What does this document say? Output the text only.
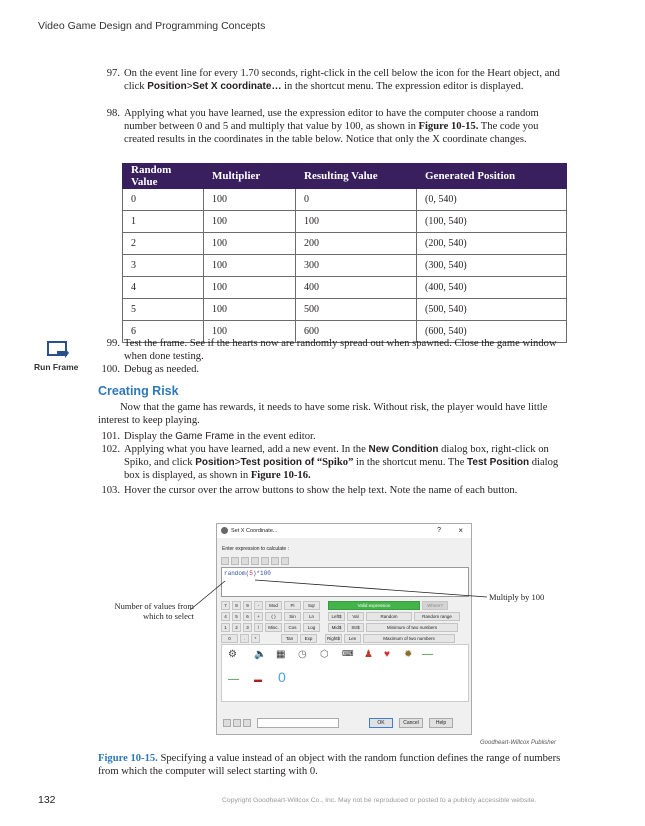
Video Game Design and Programming Concepts
97. On the event line for every 1.70 seconds, right-click in the cell below the icon for the Heart object, and click Position>Set X coordinate… in the shortcut menu. The expression editor is displayed.
98. Applying what you have learned, use the expression editor to have the computer choose a random number between 0 and 5 and multiply that value by 100, as shown in Figure 10-15. The code you created results in the coordinates in the table below. Notice that only the X coordinate changes.
Random Value	Multiplier	Resulting Value	Generated Position
0	100	0	(0, 540)
1	100	100	(100, 540)
2	100	200	(200, 540)
3	100	300	(300, 540)
4	100	400	(400, 540)
5	100	500	(500, 540)
6	100	600	(600, 540)
Run Frame
99. Test the frame. See if the hearts now are randomly spread out when spawned. Close the game window when done testing.
100. Debug as needed.
Creating Risk
Now that the game has rewards, it needs to have some risk. Without risk, the player would have little interest to keep playing.
101. Display the Game Frame in the event editor.
102. Applying what you have learned, add a new event. In the New Condition dialog box, right-click on Spiko, and click Position>Test position of “Spiko” in the shortcut menu. The Test Position dialog box is displayed, as shown in Figure 10-16.
103. Hover the cursor over the arrow buttons to show the help text. Note the name of each button.
Set X Coordinate...	? ×
Enter expression to calculate :
random(5)*100
7	8	9	-	Mod	Pi	Sqr	Valid expression	Where?
4	5	6	+	( )	Sin	Ln	Left$	Val	Random	Random range
1	2	3	/	Misc.	Cos	Log	Mid$	Str$	Minimum of two numbers
0	.	*	Tan	Exp	Right$	Len	Maximum of two numbers
⚙ 🔈 ▦ ◷ ⬡ ⌨ ♟ ♥ ✹ ‒‒
‒‒ ▬ 0
OK	Cancel	Help
Number of values from which to select
Multiply by 100
Goodheart-Willcox Publisher
Figure 10-15. Specifying a value instead of an object with the random function defines the range of numbers from which the computer will select starting with 0.
132	Copyright Goodheart-Willcox Co., Inc. May not be reproduced or posted to a publicly accessible website.
